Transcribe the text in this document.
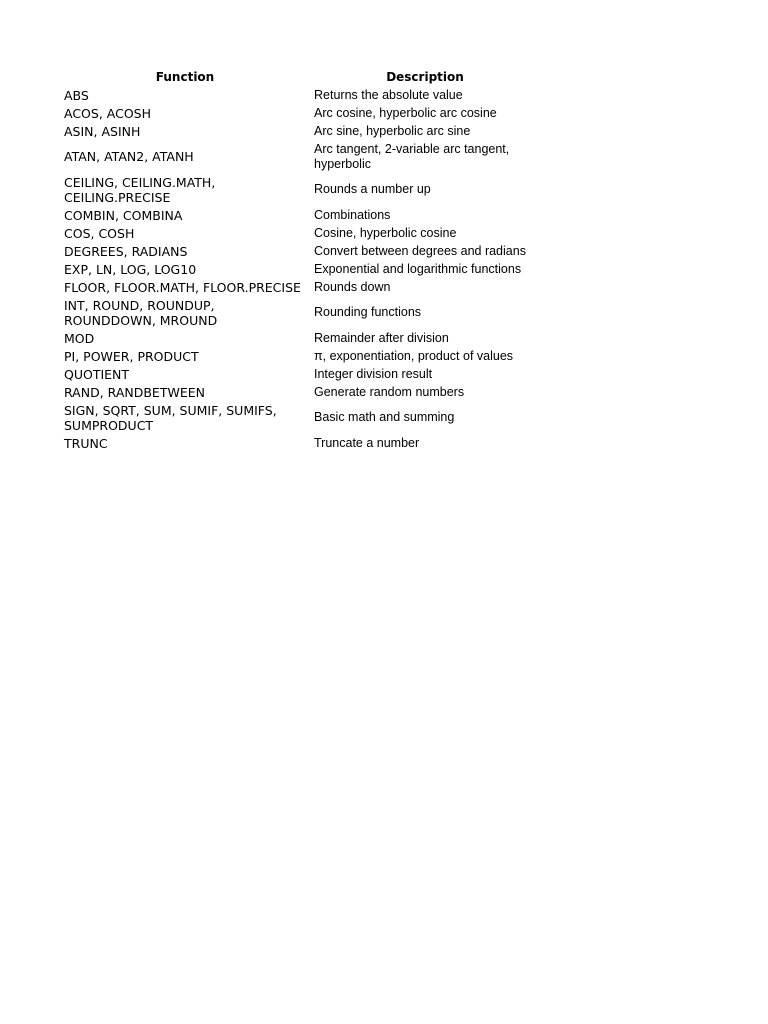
Function	Description
ABS	Returns the absolute value
ACOS, ACOSH	Arc cosine, hyperbolic arc cosine
ASIN, ASINH	Arc sine, hyperbolic arc sine
ATAN, ATAN2, ATANH	Arc tangent, 2-variable arc tangent, hyperbolic
CEILING, CEILING.MATH, CEILING.PRECISE	Rounds a number up
COMBIN, COMBINA	Combinations
COS, COSH	Cosine, hyperbolic cosine
DEGREES, RADIANS	Convert between degrees and radians
EXP, LN, LOG, LOG10	Exponential and logarithmic functions
FLOOR, FLOOR.MATH, FLOOR.PRECISE	Rounds down
INT, ROUND, ROUNDUP, ROUNDDOWN, MROUND	Rounding functions
MOD	Remainder after division
PI, POWER, PRODUCT	π, exponentiation, product of values
QUOTIENT	Integer division result
RAND, RANDBETWEEN	Generate random numbers
SIGN, SQRT, SUM, SUMIF, SUMIFS, SUMPRODUCT	Basic math and summing
TRUNC	Truncate a number
